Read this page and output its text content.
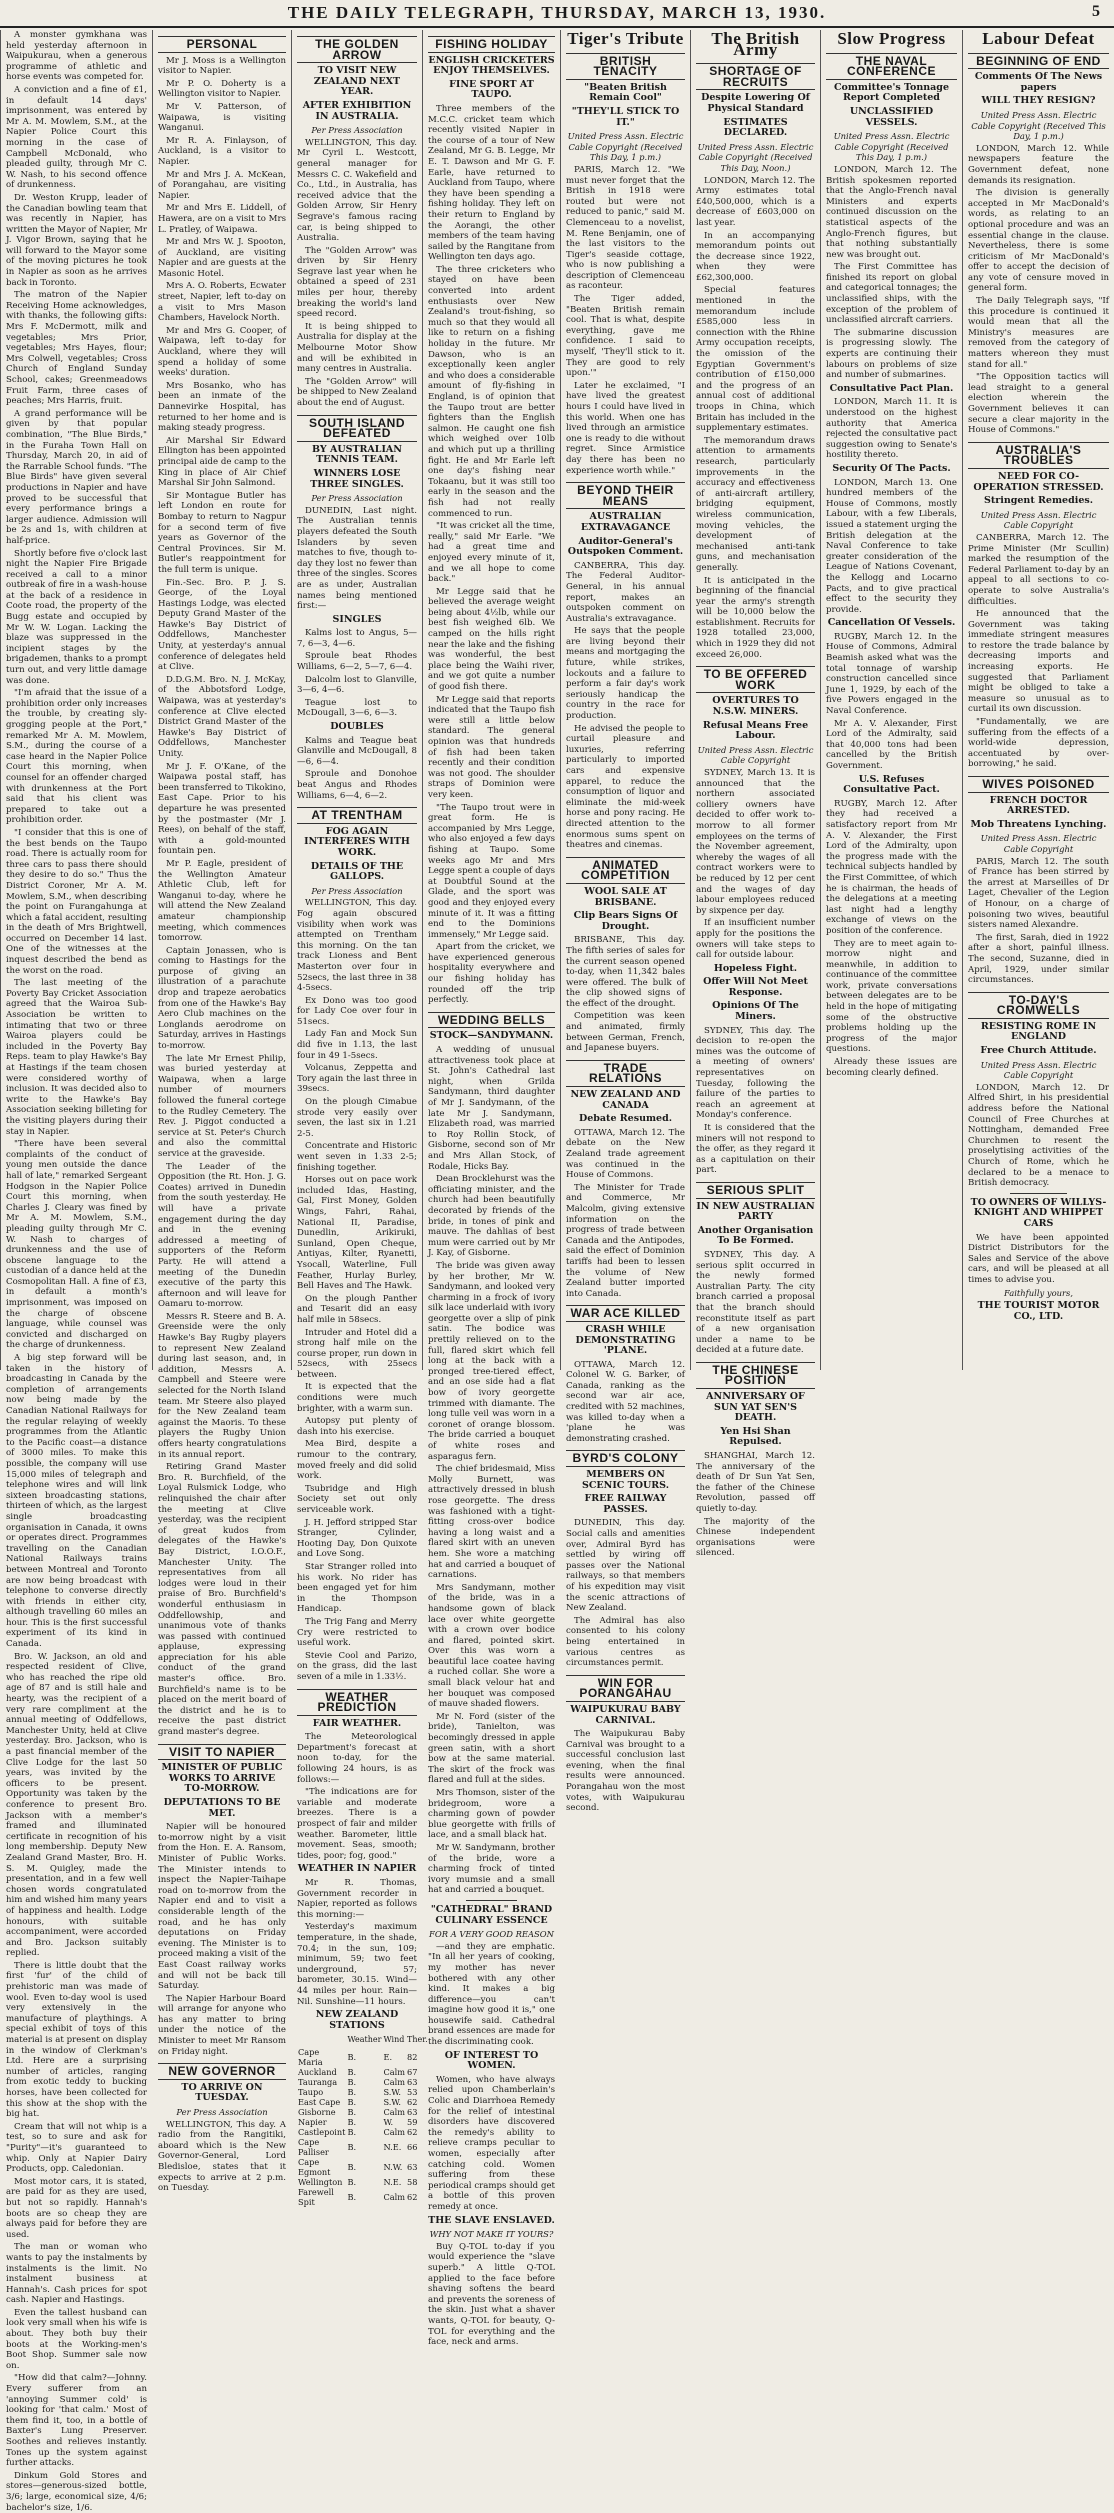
THE DAILY TELEGRAPH, THURSDAY, MARCH 13, 1930.	5

A monster gymkhana was held yesterday afternoon in Waipukurau, when a generous programme of athletic and horse events was competed for.

A conviction and a fine of £1, in default 14 days' imprisonment, was entered by Mr A. M. Mowlem, S.M., at the Napier Police Court this morning in the case of Campbell McDonald, who pleaded guilty, through Mr C. W. Nash, to his second offence of drunkenness.

Dr. Weston Krupp, leader of the Canadian bowling team that was recently in Napier, has written the Mayor of Napier, Mr J. Vigor Brown, saying that he will forward to the Mayor some of the moving pictures he took in Napier as soon as he arrives back in Toronto.

The matron of the Napier Receiving Home acknowledges, with thanks, the following gifts: Mrs F. McDermott, milk and vegetables; Mrs Prior, vegetables; Mrs Hayes, flour; Mrs Colwell, vegetables; Cross Church of England Sunday School, cakes; Greenmeadows Fruit Farm, three cases of peaches; Mrs Harris, fruit.

A grand performance will be given by that popular combination, "The Blue Birds," in the Furaha Town Hall on Thursday, March 20, in aid of the Rarrable School funds. "The Blue Birds" have given several productions in Napier and have proved to be successful that every performance brings a larger audience. Admission will be 2s and 1s, with children at half-price.

Shortly before five o'clock last night the Napier Fire Brigade received a call to a minor outbreak of fire in a wash-house at the back of a residence in Coote road, the property of the Bugg estate and occupied by Mr W. W. Logan. Lacking the blaze was suppressed in the incipient stages by the brigademen, thanks to a prompt turn out, and very little damage was done.

"I'm afraid that the issue of a prohibition order only increases the trouble, by creating sly-grogging people at the Port," remarked Mr A. M. Mowlem, S.M., during the course of a case heard in the Napier Police Court this morning, when counsel for an offender charged with drunkenness at the Port said that his client was prepared to take out a prohibition order.

"I consider that this is one of the best bends on the Taupo road. There is actually room for three cars to pass there should they desire to do so." Thus the District Coroner, Mr A. M. Mowlem, S.M., when describing the point on Furangahunga at which a fatal accident, resulting in the death of Mrs Brightwell, occurred on December 14 last. One of the witnesses at the inquest described the bend as the worst on the road.

The last meeting of the Poverty Bay Cricket Association agreed that the Wairoa Sub-Association be written to intimating that two or three Wairoa players could be included in the Poverty Bay Reps. team to play Hawke's Bay at Hastings if the team chosen were considered worthy of inclusion. It was decided also to write to the Hawke's Bay Association seeking billeting for the visiting players during their stay in Napier.

"There have been several complaints of the conduct of young men outside the dance hall of late," remarked Sergeant Hodgson in the Napier Police Court this morning, when Charles J. Cleary was fined by Mr A. M. Mowlem, S.M., pleading guilty through Mr C. W. Nash to charges of drunkenness and the use of obscene language to the custodian of a dance held at the Cosmopolitan Hall. A fine of £3, in default a month's imprisonment, was imposed on the charge of obscene language, while counsel was convicted and discharged on the charge of drunkenness.

A big step forward will be taken in the history of broadcasting in Canada by the completion of arrangements now being made by the Canadian National Railways for the regular relaying of weekly programmes from the Atlantic to the Pacific coast—a distance of 3000 miles. To make this possible, the company will use 15,000 miles of telegraph and telephone wires and will link sixteen broadcasting stations, thirteen of which, as the largest single broadcasting organisation in Canada, it owns or operates direct. Programmes travelling on the Canadian National Railways trains between Montreal and Toronto are now being broadcast with telephone to converse directly with friends in either city, although travelling 60 miles an hour. This is the first successful experiment of its kind in Canada.

Bro. W. Jackson, an old and respected resident of Clive, who has reached the ripe old age of 87 and is still hale and hearty, was the recipient of a very rare compliment at the annual meeting of Oddfellows, Manchester Unity, held at Clive yesterday. Bro. Jackson, who is a past financial member of the Clive Lodge for the last 50 years, was invited by the officers to be present. Opportunity was taken by the conference to present Bro. Jackson with a member's framed and illuminated certificate in recognition of his long membership. Deputy New Zealand Grand Master, Bro. H. S. M. Quigley, made the presentation, and in a few well chosen words congratulated him and wished him many years of happiness and health. Lodge honours, with suitable accompaniment, were accorded and Bro. Jackson suitably replied.

There is little doubt that the first 'fur' of the child of prehistoric man was made of wool. Even to-day wool is used very extensively in the manufacture of playthings. A special exhibit of toys of this material is at present on display in the window of Clerkman's Ltd. Here are a surprising number of articles, ranging from exotic teddy to bucking horses, have been collected for this show at the shop with the big hat.

Cream that will not whip is a test, so to sure and ask for "Purity"—it's guaranteed to whip. Only at Napier Dairy Products, opp. Caledonian.

Most motor cars, it is stated, are paid for as they are used, but not so rapidly. Hannah's boots are so cheap they are always paid for before they are used.

The man or woman who wants to pay the instalments by instalments is the limit. No instalment business at Hannah's. Cash prices for spot cash. Napier and Hastings.

Even the tallest husband can look very small when his wife is about. They both buy their boots at the Working-men's Boot Shop. Summer sale now on.

"How did that calm?—Johnny. Every sufferer from an 'annoying Summer cold' is looking for 'that calm.' Most of them find it, too, in a bottle of Baxter's Lung Preserver. Soothes and relieves instantly. Tones up the system against further attacks.

Dinkum Gold Stores and stores—generous-sized bottle, 3/6; large, economical size, 4/6; bachelor's size, 1/6.

PERSONAL

Mr J. Moss is a Wellington visitor to Napier.

Mr P. O. Doherty is a Wellington visitor to Napier.

Mr V. Patterson, of Waipawa, is visiting Wanganui.

Mr R. A. Finlayson, of Auckland, is a visitor to Napier.

Mr and Mrs J. A. McKean, of Porangahau, are visiting Napier.

Mr and Mrs E. Liddell, of Hawera, are on a visit to Mrs L. Pratley, of Waipawa.

Mr and Mrs W. J. Spooton, of Auckland, are visiting Napier and are guests at the Masonic Hotel.

Mrs A. O. Roberts, Ecwater street, Napier, left to-day on a visit to Mrs Mason Chambers, Havelock North.

Mr and Mrs G. Cooper, of Waipawa, left to-day for Auckland, where they will spend a holiday of some weeks' duration.

Mrs Bosanko, who has been an inmate of the Dannevirke Hospital, has returned to her home and is making steady progress.

Air Marshal Sir Edward Ellington has been appointed principal aide de camp to the King in place of Air Chief Marshal Sir John Salmond.

Sir Montague Butler has left London en route for Bombay to return to Nagpur for a second term of five years as Governor of the Central Provinces. Sir M. Butler's reappointment for the full term is unique.

Fin.-Sec. Bro. P. J. S. George, of the Loyal Hastings Lodge, was elected Deputy Grand Master of the Hawke's Bay District of Oddfellows, Manchester Unity, at yesterday's annual conference of delegates held at Clive.

D.D.G.M. Bro. N. J. McKay, of the Abbotsford Lodge, Waipawa, was at yesterday's conference at Clive elected District Grand Master of the Hawke's Bay District of Oddfellows, Manchester Unity.

Mr J. F. O'Kane, of the Waipawa postal staff, has been transferred to Tikokino, East Cape. Prior to his departure he was presented by the postmaster (Mr J. Rees), on behalf of the staff, with a gold-mounted fountain pen.

Mr P. Eagle, president of the Wellington Amateur Athletic Club, left for Wanganui to-day, where he will attend the New Zealand amateur championship meeting, which commences tomorrow.

Captain Jonassen, who is coming to Hastings for the purpose of giving an illustration of a parachute drop and trapeze aerobatics from one of the Hawke's Bay Aero Club machines on the Longlands aerodrome on Saturday, arrives in Hastings to-morrow.

The late Mr Ernest Philip, was buried yesterday at Waipawa, when a large number of mourners followed the funeral cortege to the Rudley Cemetery. The Rev. J. Piggot conducted a service at St. Peter's Church and also the committal service at the graveside.

The Leader of the Opposition (the Rt. Hon. J. G. Coates) arrived in Dunedin from the south yesterday. He will have a private engagement during the day and in the evening addressed a meeting of supporters of the Reform Party. He will attend a meeting of the Dunedin executive of the party this afternoon and will leave for Oamaru to-morrow.

Messrs R. Steere and B. A. Greenside were the only Hawke's Bay Rugby players to represent New Zealand during last season, and, in addition, Messrs A. Campbell and Steere were selected for the North Island team. Mr Steere also played for the New Zealand team against the Maoris. To these players the Rugby Union offers hearty congratulations in its annual report.

Retiring Grand Master Bro. R. Burchfield, of the Loyal Rulsmick Lodge, who relinquished the chair after the meeting at Clive yesterday, was the recipient of great kudos from delegates of the Hawke's Bay District, I.O.O.F., Manchester Unity. The representatives from all lodges were loud in their praise of Bro. Burchfield's wonderful enthusiasm in Oddfellowship, and unanimous vote of thanks was passed with continued applause, expressing appreciation for his able conduct of the grand master's office. Bro. Burchfield's name is to be placed on the merit board of the district and he is to receive the past district grand master's degree.

VISIT TO NAPIER
MINISTER OF PUBLIC WORKS TO ARRIVE TO-MORROW.
DEPUTATIONS TO BE MET.

Napier will be honoured to-morrow night by a visit from the Hon. E. A. Ransom, Minister of Public Works. The Minister intends to inspect the Napier-Taihape road on to-morrow from the Napier end and to visit a considerable length of the road, and he has only deputations on Friday evening. The Minister is to proceed making a visit of the East Coast railway works and will not be back till Saturday.

The Napier Harbour Board will arrange for anyone who has any matter to bring under the notice of the Minister to meet Mr Ransom on Friday night.

NEW GOVERNOR
TO ARRIVE ON TUESDAY.
Per Press Association

WELLINGTON, This day. A radio from the Rangitiki, aboard which is the New Governor-General, Lord Bledisloe, states that it expects to arrive at 2 p.m. on Tuesday.

THE GOLDEN ARROW
TO VISIT NEW ZEALAND NEXT YEAR.
AFTER EXHIBITION IN AUSTRALIA.
Per Press Association

WELLINGTON, This day. Mr Cyril L. Westcott, general manager for Messrs C. C. Wakefield and Co., Ltd., in Australia, has received advice that the Golden Arrow, Sir Henry Segrave's famous racing car, is being shipped to Australia.

The "Golden Arrow" was driven by Sir Henry Segrave last year when he obtained a speed of 231 miles per hour, thereby breaking the world's land speed record.

It is being shipped to Australia for display at the Melbourne Motor Show and will be exhibited in many centres in Australia.

The "Golden Arrow" will be shipped to New Zealand about the end of August.

SOUTH ISLAND DEFEATED
BY AUSTRALIAN TENNIS TEAM.
WINNERS LOSE THREE SINGLES.
Per Press Association

DUNEDIN, Last night. The Australian tennis players defeated the South Islanders by seven matches to five, though to-day they lost no fewer than three of the singles. Scores are as under, Australian names being mentioned first:—

SINGLES

Kalms lost to Angus, 5—7, 6—3, 4—6.

Sproule beat Rhodes Williams, 6—2, 5—7, 6—4.

Dalcolm lost to Glanville, 3—6, 4—6.

Teague lost to McDougall, 3—6, 6—3.

DOUBLES

Kalms and Teague beat Glanville and McDougall, 8—6, 6—4.

Sproule and Donohoe beat Angus and Rhodes Williams, 6—4, 6—2.

AT TRENTHAM
FOG AGAIN INTERFERES WITH WORK.
DETAILS OF THE GALLOPS.
Per Press Association

WELLINGTON, This day. Fog again obscured visibility when work was attempted on Trentham this morning. On the tan track Lioness and Bent Masterton over four in 52secs, the last three in 38 4-5secs.

Ex Dono was too good for Lady Coe over four in 51secs.

Lady Fan and Mock Sun did five in 1.13, the last four in 49 1-5secs.

Volcanus, Zeppetta and Tory again the last three in 39secs.

On the plough Cimabue strode very easily over seven, the last six in 1.21 2-5.

Concentrate and Historic went seven in 1.33 2-5; finishing together.

Horses out on pace work included Idas, Hasting, Gal, First Money, Golden Wings, Fahri, Rahai, National II, Paradise, Dunedlin, Arikiruki, Sunland, Open Cheque, Antiyas, Kilter, Ryanetti, Ysocall, Waterline, Full Feather, Hurlay Burley, Bell Haves and The Hawk.

On the plough Panther and Tesarit did an easy half mile in 58secs.

Intruder and Hotel did a strong half mile on the course proper, run down in 52secs, with 25secs between.

It is expected that the conditions were much brighter, with a warm sun.

Autopsy put plenty of dash into his exercise.

Mea Bird, despite a rumour to the contrary, moved freely and did solid work.

Tsubridge and High Society set out only serviceable work.

J. H. Jefford stripped Star Stranger, Cylinder, Hooting Day, Don Quixote and Love Song.

Star Stranger rolled into his work. No rider has been engaged yet for him in the Thompson Handicap.

The Trig Fang and Merry Cry were restricted to useful work.

Stevie Cool and Parizo, on the grass, did the last seven of a mile in 1.33½.

WEATHER PREDICTION
FAIR WEATHER.

The Meteorological Department's forecast at noon to-day, for the following 24 hours, is as follows:—

"The indications are for variable and moderate breezes. There is a prospect of fair and milder weather. Barometer, little movement. Seas, smooth; tides, poor; fog, good."

WEATHER IN NAPIER

Mr R. Thomas, Government recorder in Napier, reported as follows this morning:—

Yesterday's maximum temperature, in the shade, 70.4; in the sun, 109; minimum, 59; two feet underground, 57; barometer, 30.15. Wind—44 miles per hour. Rain—Nil. Sunshine—11 hours.

NEW ZEALAND STATIONS
	Weather	Wind	Ther.
Cape Maria	B.	E.	82
Auckland	B.	Calm	67
Tauranga	B.	Calm	63
Taupo	B.	S.W.	53
East Cape	B.	S.W.	62
Gisborne	B.	Calm	63
Napier	B.	W.	59
Castlepoint	B.	Calm	62
Cape Palliser	B.	N.E.	66
Cape Egmont	B.	N.W.	63
Wellington	B.	N.E.	58
Farewell Spit	B.	Calm	62
FISHING HOLIDAY
ENGLISH CRICKETERS ENJOY THEMSELVES.
FINE SPORT AT TAUPO.

Three members of the M.C.C. cricket team which recently visited Napier in the course of a tour of New Zealand, Mr G. B. Legge, Mr E. T. Dawson and Mr G. F. Earle, have returned to Auckland from Taupo, where they have been spending a fishing holiday. They left on their return to England by the Aorangi, the other members of the team having sailed by the Rangitane from Wellington ten days ago.

The three cricketers who stayed on have been converted into ardent enthusiasts over New Zealand's trout-fishing, so much so that they would all like to return on a fishing holiday in the future. Mr Dawson, who is an exceptionally keen angler and who does a considerable amount of fly-fishing in England, is of opinion that the Taupo trout are better fighters than the English salmon. He caught one fish which weighed over 10lb and which put up a thrilling fight. He and Mr Earle left one day's fishing near Tokaanu, but it was still too early in the season and the fish had not really commenced to run.

"It was cricket all the time, really," said Mr Earle. "We had a great time and enjoyed every minute of it, and we all hope to come back."

Mr Legge said that he believed the average weight being about 4½lb, while our best fish weighed 6lb. We camped on the hills right near the lake and the fishing was wonderful, the best place being the Waihi river, and we got quite a number of good fish there.

Mr Legge said that reports indicated that the Taupo fish were still a little below standard. The general opinion was that hundreds of fish had been taken recently and their condition was not good. The shoulder straps of Dominion were very keen.

"The Taupo trout were in great form. He is accompanied by Mrs Legge, who also enjoyed a few days fishing at Taupo. Some weeks ago Mr and Mrs Legge spent a couple of days at Doubtful Sound at the Glade, and the sport was good and they enjoyed every minute of it. It was a fitting end to the Dominions immensely," Mr Legge said.

Apart from the cricket, we have experienced generous hospitality everywhere and our fishing holiday has rounded off the trip perfectly.

WEDDING BELLS
STOCK—SANDYMANN.

A wedding of unusual attractiveness took place at St. John's Cathedral last night, when Grilda Sandymann, third daughter of Mr J. Sandymann, of the late Mr J. Sandymann, Elizabeth road, was married to Roy Rollin Stock, of Gisborne, second son of Mr and Mrs Allan Stock, of Rodale, Hicks Bay.

Dean Brocklehurst was the officiating minister, and the church had been beautifully decorated by friends of the bride, in tones of pink and mauve. The dahlias of best mum were carried out by Mr J. Kay, of Gisborne.

The bride was given away by her brother, Mr W. Sandymann, and looked very charming in a frock of ivory silk lace underlaid with ivory georgette over a slip of pink satin. The bodice was prettily relieved on to the full, flared skirt which fell long at the back with a pronged tree-tiered effect, and an ose side had a flat bow of ivory georgette trimmed with diamante. The long tulle veil was worn in a coronet of orange blossom. The bride carried a bouquet of white roses and asparagus fern.

The chief bridesmaid, Miss Molly Burnett, was attractively dressed in blush rose georgette. The dress was fashioned with a tight-fitting cross-over bodice having a long waist and a flared skirt with an uneven hem. She wore a matching hat and carried a bouquet of carnations.

Mrs Sandymann, mother of the bride, was in a handsome gown of black lace over white georgette with a crown over bodice and flared, pointed skirt. Over this was worn a beautiful lace coatee having a ruched collar. She wore a small black velour hat and her bouquet was composed of mauve shaded flowers.

Mr N. Ford (sister of the bride), Tanielton, was becomingly dressed in apple green satin, with a short bow at the same material. The skirt of the frock was flared and full at the sides.

Mrs Thomson, sister of the bridegroom, wore a charming gown of powder blue georgette with frills of lace, and a small black hat.

Mr W. Sandymann, brother of the bride, wore a charming frock of tinted ivory mumsie and a small hat and carried a bouquet.

"CATHEDRAL" BRAND CULINARY ESSENCE
FOR A VERY GOOD REASON

—and they are emphatic. "In all her years of cooking, my mother has never bothered with any other kind. It makes a big difference—you can't imagine how good it is," one housewife said. Cathedral brand essences are made for the discriminating cook.

OF INTEREST TO WOMEN.

Women, who have always relied upon Chamberlain's Colic and Diarrhoea Remedy for the relief of intestinal disorders have discovered the remedy's ability to relieve cramps peculiar to women, especially after catching cold. Women suffering from these periodical cramps should get a bottle of this proven remedy at once.

THE SLAVE ENSLAVED.
WHY NOT MAKE IT YOURS?

Buy Q-TOL to-day if you would experience the "slave superb." A little Q-TOL applied to the face before shaving softens the beard and prevents the soreness of the skin. Just what a shaver wants, Q-TOL for beauty, Q-TOL for everything and the face, neck and arms.

Tiger's Tribute
BRITISH TENACITY
"Beaten British Remain Cool"
"THEY'LL STICK TO IT."
United Press Assn. Electric Cable Copyright (Received This Day, 1 p.m.)

PARIS, March 12. "We must never forget that the British in 1918 were routed but were not reduced to panic," said M. Clemenceau to a novelist, M. Rene Benjamin, one of the last visitors to the Tiger's seaside cottage, who is now publishing a description of Clemenceau as raconteur.

The Tiger added, "Beaten British remain cool. That is what, despite everything, gave me confidence. I said to myself, 'They'll stick to it. They are good to rely upon.'"

Later he exclaimed, "I have lived the greatest hours I could have lived in this world. When one has lived through an armistice one is ready to die without regret. Since Armistice day there has been no experience worth while."

BEYOND THEIR MEANS
AUSTRALIAN EXTRAVAGANCE
Auditor-General's Outspoken Comment.

CANBERRA, This day. The Federal Auditor-General, in his annual report, makes an outspoken comment on Australia's extravagance.

He says that the people are living beyond their means and mortgaging the future, while strikes, lockouts and a failure to perform a fair day's work seriously handicap the country in the race for production.

He advised the people to curtail pleasure and luxuries, referring particularly to imported cars and expensive apparel, to reduce the consumption of liquor and eliminate the mid-week horse and pony racing. He directed attention to the enormous sums spent on theatres and cinemas.

ANIMATED COMPETITION
WOOL SALE AT BRISBANE.
Clip Bears Signs Of Drought.

BRISBANE, This day. The fifth series of sales for the current season opened to-day, when 11,342 bales were offered. The bulk of the clip showed signs of the effect of the drought.

Competition was keen and animated, firmly between German, French, and Japanese buyers.

TRADE RELATIONS
NEW ZEALAND AND CANADA
Debate Resumed.

OTTAWA, March 12. The debate on the New Zealand trade agreement was continued in the House of Commons.

The Minister for Trade and Commerce, Mr Malcolm, giving extensive information on the progress of trade between Canada and the Antipodes, said the effect of Dominion tariffs had been to lessen the volume of New Zealand butter imported into Canada.

WAR ACE KILLED
CRASH WHILE DEMONSTRATING 'PLANE.

OTTAWA, March 12. Colonel W. G. Barker, of Canada, ranking as the second war air ace, credited with 52 machines, was killed to-day when a 'plane he was demonstrating crashed.

BYRD'S COLONY
MEMBERS ON SCENIC TOURS.
FREE RAILWAY PASSES.

DUNEDIN, This day. Social calls and amenities over, Admiral Byrd has settled by wiring off passes over the National railways, so that members of his expedition may visit the scenic attractions of New Zealand.

The Admiral has also consented to his colony being entertained in various centres as circumstances permit.

WIN FOR PORANGAHAU
WAIPUKURAU BABY CARNIVAL.

The Waipukurau Baby Carnival was brought to a successful conclusion last evening, when the final results were announced. Porangahau won the most votes, with Waipukurau second.

The British Army
SHORTAGE OF RECRUITS
Despite Lowering Of Physical Standard
ESTIMATES DECLARED.
United Press Assn. Electric Cable Copyright (Received This Day, Noon.)

LONDON, March 12. The Army estimates total £40,500,000, which is a decrease of £603,000 on last year.

In an accompanying memorandum points out the decrease since 1922, when they were £62,300,000.

Special features mentioned in the memorandum include £585,000 less in connection with the Rhine Army occupation receipts, the omission of the Egyptian Government's contribution of £150,000 and the progress of an annual cost of additional troops in China, which Britain has included in the supplementary estimates.

The memorandum draws attention to armaments research, particularly improvements in the accuracy and effectiveness of anti-aircraft artillery, bridging equipment, wireless communication, moving vehicles, the development of mechanised anti-tank guns, and mechanisation generally.

It is anticipated in the beginning of the financial year the army's strength will be 10,000 below the establishment. Recruits for 1928 totalled 23,000, which in 1929 they did not exceed 26,000.

TO BE OFFERED WORK
OVERTURES TO N.S.W. MINERS.
Refusal Means Free Labour.
United Press Assn. Electric Cable Copyright

SYDNEY, March 13. It is announced that the northern associated colliery owners have decided to offer work to-morrow to all former employees on the terms of the November agreement, whereby the wages of all contract workers were to be reduced by 12 per cent and the wages of day labour employees reduced by sixpence per day.

If an insufficient number apply for the positions the owners will take steps to call for outside labour.

Hopeless Fight.
Offer Will Not Meet Response.
Opinions Of The Miners.

SYDNEY, This day. The decision to re-open the mines was the outcome of a meeting of owners' representatives on Tuesday, following the failure of the parties to reach an agreement at Monday's conference.

It is considered that the miners will not respond to the offer, as they regard it as a capitulation on their part.

SERIOUS SPLIT
IN NEW AUSTRALIAN PARTY
Another Organisation To Be Formed.

SYDNEY, This day. A serious split occurred in the newly formed Australian Party. The city branch carried a proposal that the branch should reconstitute itself as part of a new organisation under a name to be decided at a future date.

THE CHINESE POSITION
ANNIVERSARY OF SUN YAT SEN'S DEATH.
Yen Hsi Shan Repulsed.

SHANGHAI, March 12. The anniversary of the death of Dr Sun Yat Sen, the father of the Chinese Revolution, passed off quietly to-day.

The majority of the Chinese independent organisations were silenced.

Slow Progress
THE NAVAL CONFERENCE
Committee's Tonnage Report Completed
UNCLASSIFIED VESSELS.
United Press Assn. Electric Cable Copyright (Received This Day, 1 p.m.)

LONDON, March 12. The British spokesmen reported that the Anglo-French naval Ministers and experts continued discussion on the statistical aspects of the Anglo-French figures, but that nothing substantially new was brought out.

The First Committee has finished its report on global and categorical tonnages; the unclassified ships, with the exception of the problem of unclassified aircraft carriers.

The submarine discussion is progressing slowly. The experts are continuing their labours on problems of size and number of submarines.

Consultative Pact Plan.

LONDON, March 11. It is understood on the highest authority that America rejected the consultative pact suggestion owing to Senate's hostility thereto.

Security Of The Pacts.

LONDON, March 13. One hundred members of the House of Commons, mostly Labour, with a few Liberals, issued a statement urging the British delegation at the Naval Conference to take greater consideration of the League of Nations Covenant, the Kellogg and Locarno Pacts, and to give practical effect to the security they provide.

Cancellation Of Vessels.

RUGBY, March 12. In the House of Commons, Admiral Beamish asked what was the total tonnage of warship construction cancelled since June 1, 1929, by each of the five Powers engaged in the Naval Conference.

Mr A. V. Alexander, First Lord of the Admiralty, said that 40,000 tons had been cancelled by the British Government.

U.S. Refuses Consultative Pact.

RUGBY, March 12. After they had received a satisfactory report from Mr A. V. Alexander, the First Lord of the Admiralty, upon the progress made with the technical subjects handled by the First Committee, of which he is chairman, the heads of the delegations at a meeting last night had a lengthy exchange of views on the position of the conference.

They are to meet again to-morrow night and meanwhile, in addition to continuance of the committee work, private conversations between delegates are to be held in the hope of mitigating some of the obstructive problems holding up the progress of the major questions.

Already these issues are becoming clearly defined.

Labour Defeat
BEGINNING OF END
Comments Of The News papers
WILL THEY RESIGN?
United Press Assn. Electric Cable Copyright (Received This Day, 1 p.m.)

LONDON, March 12. While newspapers feature the Government defeat, none demands its resignation.

The division is generally accepted in Mr MacDonald's words, as relating to an optional procedure and was an essential change in the clause. Nevertheless, there is some criticism of Mr MacDonald's offer to accept the decision of any vote of censure moved in general form.

The Daily Telegraph says, "If this procedure is continued it would mean that all the Ministry's measures are removed from the category of matters whereon they must stand for all."

"The Opposition tactics will lead straight to a general election wherein the Government believes it can secure a clear majority in the House of Commons."

AUSTRALIA'S TROUBLES
NEED FOR CO-OPERATION STRESSED.
Stringent Remedies.
United Press Assn. Electric Cable Copyright

CANBERRA, March 12. The Prime Minister (Mr Scullin) marked the resumption of the Federal Parliament to-day by an appeal to all sections to co-operate to solve Australia's difficulties.

He announced that the Government was taking immediate stringent measures to restore the trade balance by decreasing imports and increasing exports. He suggested that Parliament might be obliged to take a measure so unusual as to curtail its own discussion.

"Fundamentally, we are suffering from the effects of a world-wide depression, accentuated by over-borrowing," he said.

WIVES POISONED
FRENCH DOCTOR ARRESTED.
Mob Threatens Lynching.
United Press Assn. Electric Cable Copyright

PARIS, March 12. The south of France has been stirred by the arrest at Marseilles of Dr Laget, Chevalier of the Legion of Honour, on a charge of poisoning two wives, beautiful sisters named Alexandre.

The first, Sarah, died in 1922 after a short, painful illness. The second, Suzanne, died in April, 1929, under similar circumstances.

TO-DAY'S CROMWELLS
RESISTING ROME IN ENGLAND
Free Church Attitude.
United Press Assn. Electric Cable Copyright

LONDON, March 12. Dr Alfred Shirt, in his presidential address before the National Council of Free Churches at Nottingham, demanded Free Churchmen to resent the proselytising activities of the Church of Rome, which he declared to be a menace to British democracy.

TO OWNERS OF WILLYS-KNIGHT AND WHIPPET CARS

We have been appointed District Distributors for the Sales and Service of the above cars, and will be pleased at all times to advise you.

Faithfully yours,
THE TOURIST MOTOR CO., LTD.
